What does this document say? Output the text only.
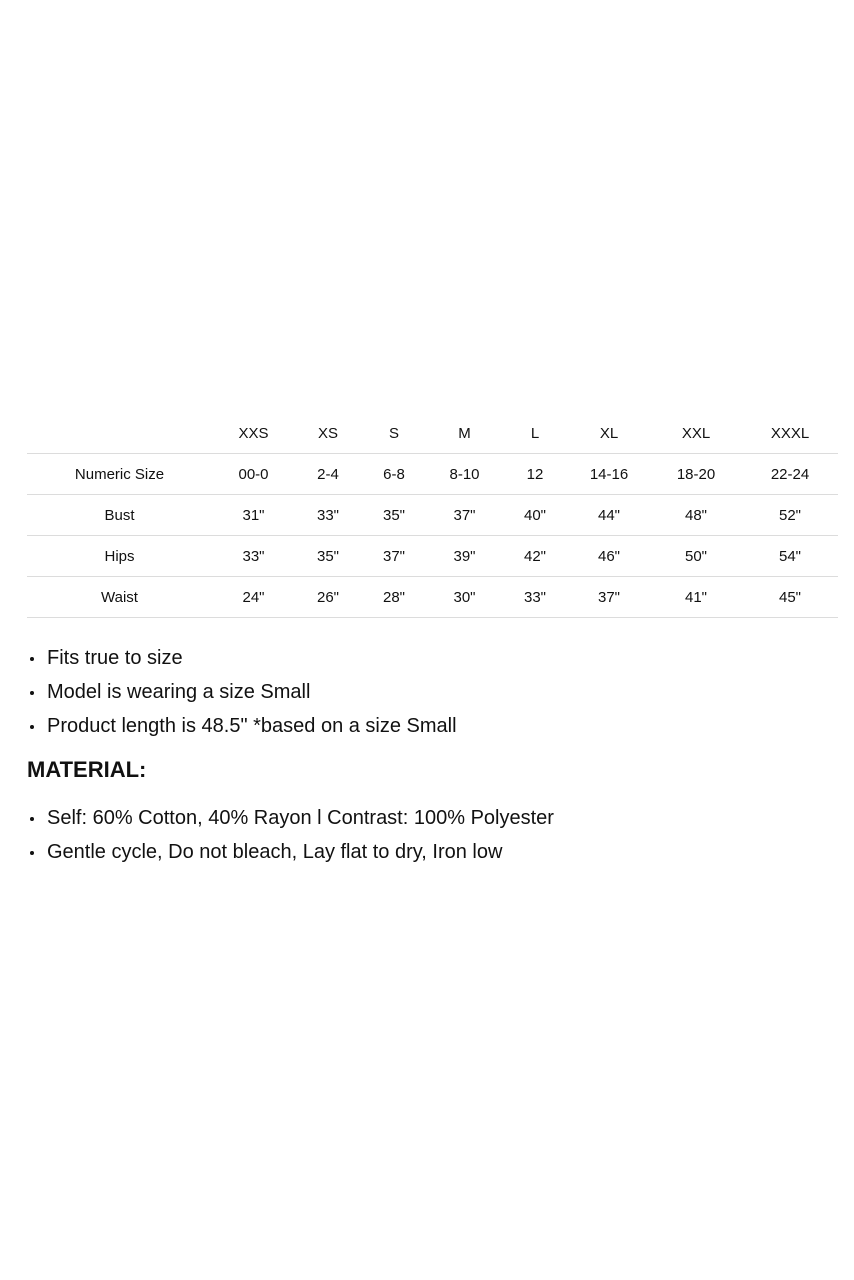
	XXS	XS	S	M	L	XL	XXL	XXXL
Numeric Size	00-0	2-4	6-8	8-10	12	14-16	18-20	22-24
Bust	31"	33"	35"	37"	40"	44"	48"	52"
Hips	33"	35"	37"	39"	42"	46"	50"	54"
Waist	24"	26"	28"	30"	33"	37"	41"	45"
Fits true to size
Model is wearing a size Small
Product length is 48.5" *based on a size Small
MATERIAL:
Self: 60% Cotton, 40% Rayon l Contrast: 100% Polyester
Gentle cycle, Do not bleach, Lay flat to dry, Iron low
